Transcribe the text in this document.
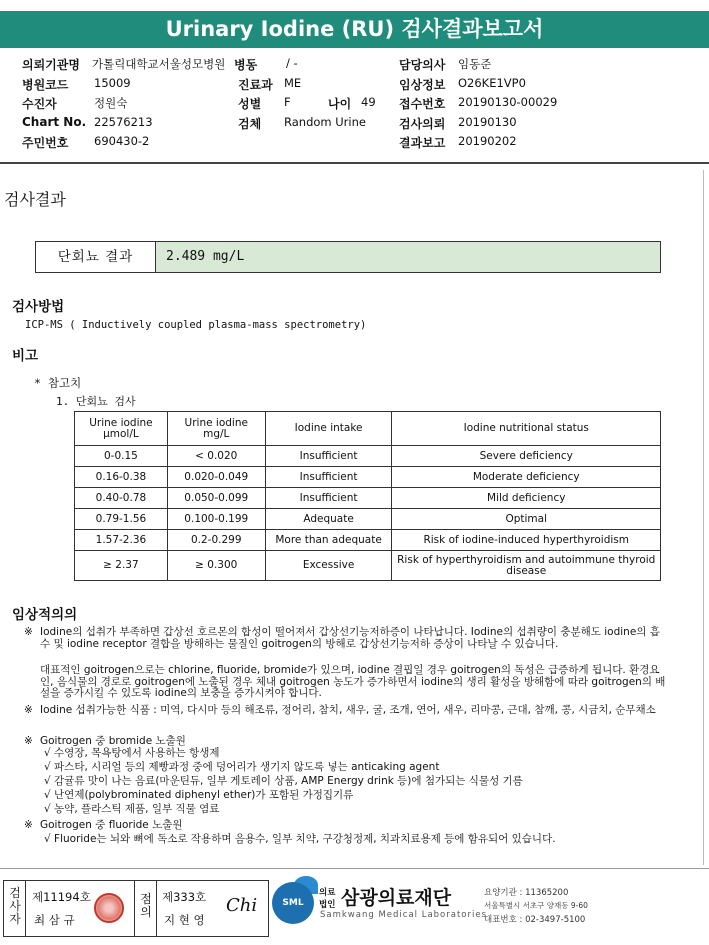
Urinary Iodine (RU) 검사결과보고서
의뢰기관명 가톨릭대학교서울성모병원 병동	/ -	담당의사 임동준
병원코드 15009	진료과 ME	임상정보 O26KE1VP0
수진자	정원숙	성별 F	나이 49 접수번호 20190130-00029
Chart No. 22576213	검체 Random Urine	검사의뢰 20190130
주민번호 690430-2	결과보고 20190202
검사결과
단회뇨 결과	2.489 mg/L
검사방법
ICP-MS ( Inductively coupled plasma-mass spectrometry)
비고
* 참고치
1. 단회뇨 검사
Urine iodine μmol/L	Urine iodine mg/L	Iodine intake	Iodine nutritional status
0-0.15	< 0.020	Insufficient	Severe deficiency
0.16-0.38	0.020-0.049	Insufficient	Moderate deficiency
0.40-0.78	0.050-0.099	Insufficient	Mild deficiency
0.79-1.56	0.100-0.199	Adequate	Optimal
1.57-2.36	0.2-0.299	More than adequate	Risk of iodine-induced hyperthyroidism
≥ 2.37	≥ 0.300	Excessive	Risk of hyperthyroidism and autoimmune thyroid disease
임상적의의
※ Iodine의 섭취가 부족하면 갑상선 호르몬의 합성이 떨어져서 갑상선기능저하증이 나타납니다. Iodine의 섭취량이 충분해도 iodine의 흡수 및 iodine receptor 결합을 방해하는 물질인 goitrogen의 방해로 갑상선기능저하 증상이 나타날 수 있습니다.
대표적인 goitrogen으로는 chlorine, fluoride, bromide가 있으며, iodine 결핍일 경우 goitrogen의 독성은 급증하게 됩니다. 환경요인, 음식물의 경로로 goitrogen에 노출된 경우 체내 goitrogen 농도가 증가하면서 iodine의 생리 활성을 방해함에 따라 goitrogen의 배설을 증가시킬 수 있도록 iodine의 보충을 증가시켜야 합니다.
※ Iodine 섭취가능한 식품 : 미역, 다시마 등의 해조류, 정어리, 참치, 새우, 굴, 조개, 연어, 새우, 리마콩, 근대, 참깨, 콩, 시금치, 순무채소
※ Goitrogen 중 bromide 노출원
√ 수영장, 목욕탕에서 사용하는 항생제
√ 파스타, 시리얼 등의 제빵과정 중에 덩어리가 생기지 않도록 넣는 anticaking agent
√ 감귤류 맛이 나는 음료(마운틴듀, 일부 게토레이 상품, AMP Energy drink 등)에 첨가되는 식물성 기름
√ 난연제(polybrominated diphenyl ether)가 포함된 가정집기류
√ 농약, 플라스틱 제품, 일부 직물 염료
※ Goitrogen 중 fluoride 노출원
√ Fluoride는 뇌와 뼈에 독소로 작용하며 음용수, 일부 치약, 구강청정제, 치과치료용제 등에 함유되어 있습니다.
검사자
제11194호
최 삼 규
점의
제333호
지 현 영
Chi	SML
의료
법인 삼광의료재단
Samkwang Medical Laboratories
요양기관 : 11365200
서울특별시 서초구 양재동 9-60
대표번호 : 02-3497-5100
